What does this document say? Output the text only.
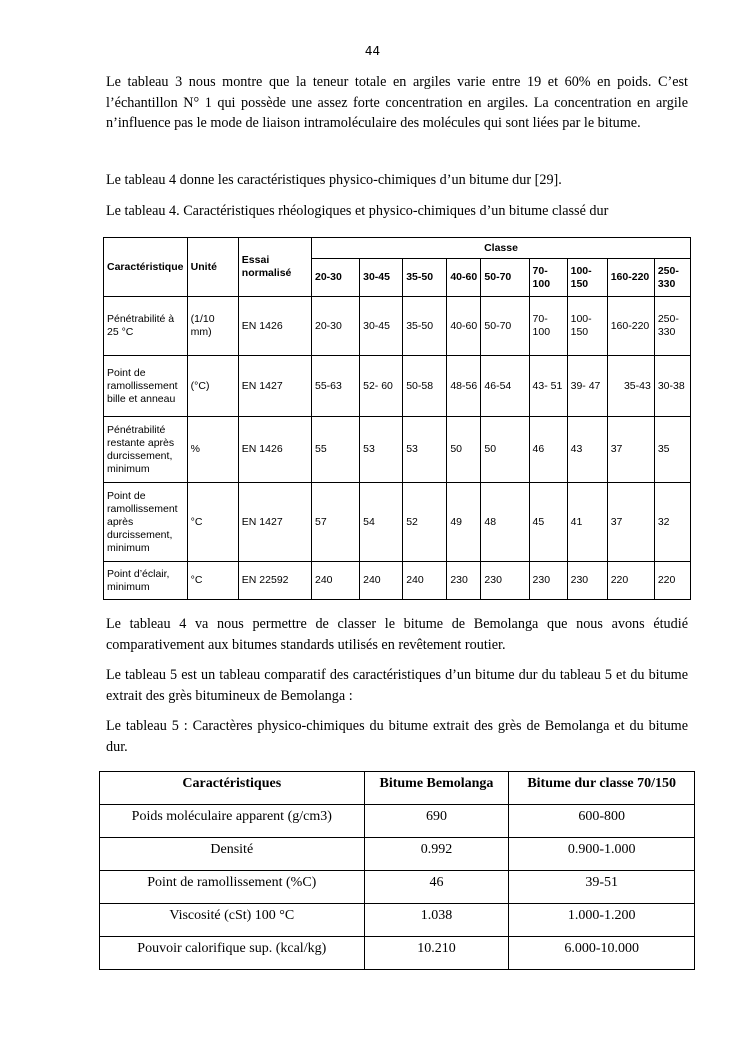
44

Le tableau 3 nous montre que la teneur totale en argiles varie entre 19 et 60% en poids. C’est l’échantillon N° 1 qui possède une assez forte concentration en argiles. La concentration en argile n’influence pas le mode de liaison intramoléculaire des molécules qui sont liées par le bitume.

Le tableau 4 donne les caractéristiques physico-chimiques d’un bitume dur [29].

Le tableau 4. Caractéristiques rhéologiques et physico-chimiques d’un bitume classé dur

Caractéristique	Unité	Essai normalisé	Classe								
			20-30	30-45	35-50	40-60	50-70	70-100	100-150	160-220	250-330
Pénétrabilité à 25 °C	(1/10 mm)	EN 1426	20-30	30-45	35-50	40-60	50-70	70-100	100-150	160-220	250-330
Point de ramollissement bille et anneau	(°C)	EN 1427	55-63	52- 60	50-58	48-56	46-54	43- 51	39- 47	35-43	30-38
Pénétrabilité restante après durcissement, minimum	%	EN 1426	55	53	53	50	50	46	43	37	35
Point de ramollissement après durcissement, minimum	°C	EN 1427	57	54	52	49	48	45	41	37	32
Point d’éclair, minimum	°C	EN 22592	240	240	240	230	230	230	230	220	220

Le tableau 4 va nous permettre de classer le bitume de Bemolanga que nous avons étudié comparativement aux bitumes standards utilisés en revêtement routier.

Le tableau 5 est un tableau comparatif des caractéristiques d’un bitume dur du tableau 5 et du bitume extrait des grès bitumineux de Bemolanga :

Le tableau 5 : Caractères physico-chimiques du bitume extrait des grès de Bemolanga et du bitume dur.

Caractéristiques	Bitume Bemolanga	Bitume dur classe 70/150
Poids moléculaire apparent (g/cm3)	690	600-800
Densité	0.992	0.900-1.000
Point de ramollissement (%C)	46	39-51
Viscosité (cSt) 100 °C	1.038	1.000-1.200
Pouvoir calorifique sup. (kcal/kg)	10.210	6.000-10.000
